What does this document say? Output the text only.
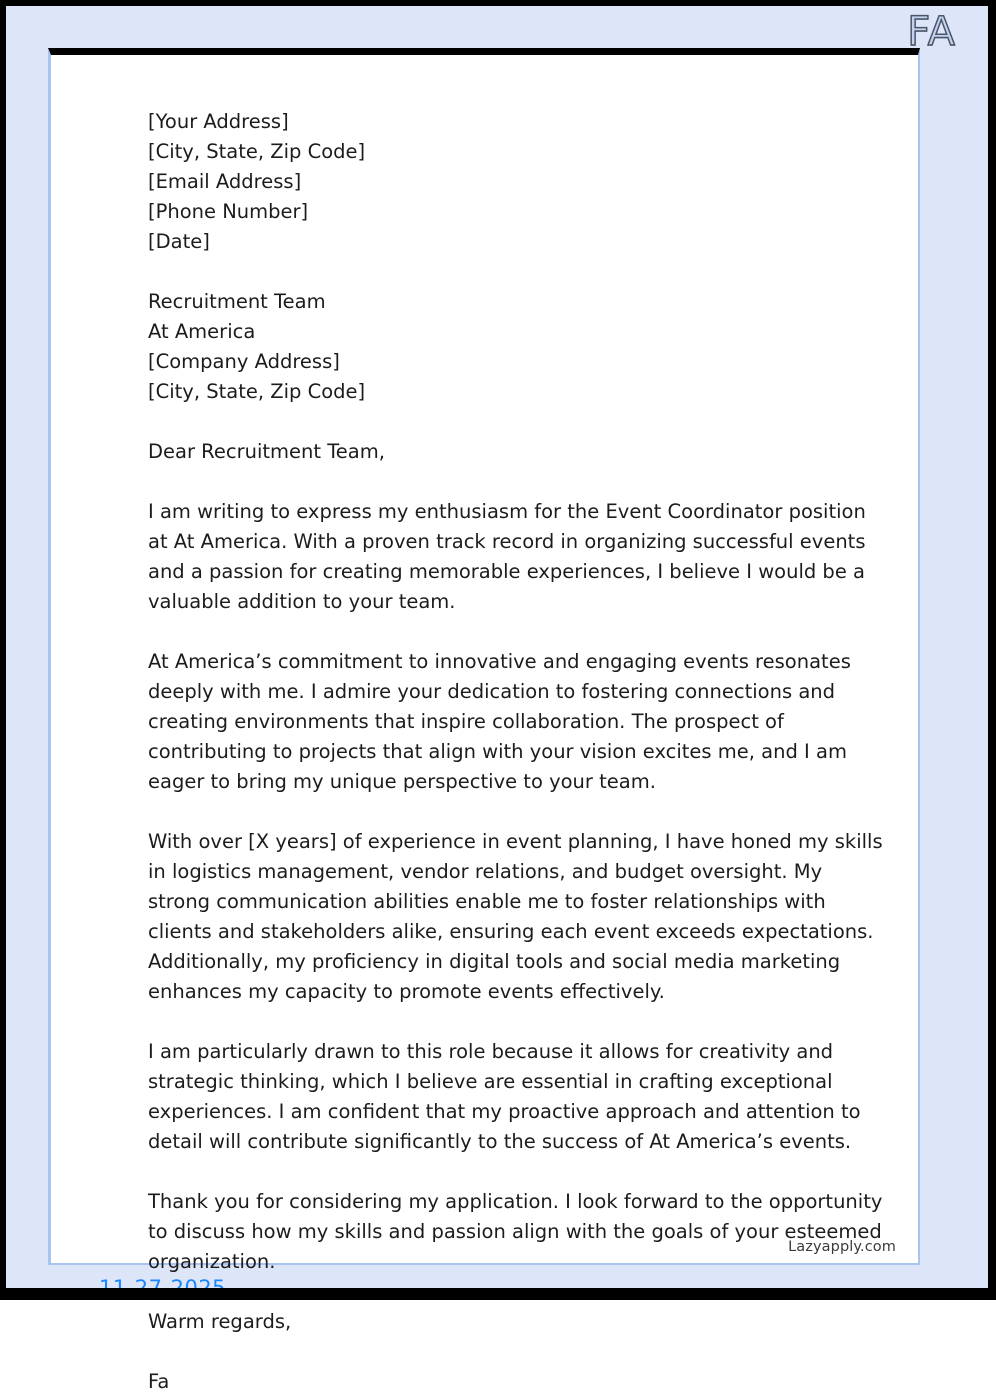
FA
[Your Address]
[City, State, Zip Code]
[Email Address]
[Phone Number]
[Date]
Recruitment Team
At America
[Company Address]
[City, State, Zip Code]
Dear Recruitment Team,

I am writing to express my enthusiasm for the Event Coordinator position at At America. With a proven track record in organizing successful events and a passion for creating memorable experiences, I believe I would be a valuable addition to your team.

At America’s commitment to innovative and engaging events resonates deeply with me. I admire your dedication to fostering connections and creating environments that inspire collaboration. The prospect of contributing to projects that align with your vision excites me, and I am eager to bring my unique perspective to your team.

With over [X years] of experience in event planning, I have honed my skills in logistics management, vendor relations, and budget oversight. My strong communication abilities enable me to foster relationships with clients and stakeholders alike, ensuring each event exceeds expectations. Additionally, my proficiency in digital tools and social media marketing enhances my capacity to promote events effectively.

I am particularly drawn to this role because it allows for creativity and strategic thinking, which I believe are essential in crafting exceptional experiences. I am confident that my proactive approach and attention to detail will contribute significantly to the success of At America’s events.

Thank you for considering my application. I look forward to the opportunity to discuss how my skills and passion align with the goals of your esteemed organization.

Warm regards,
Fa
Lazyapply.com
